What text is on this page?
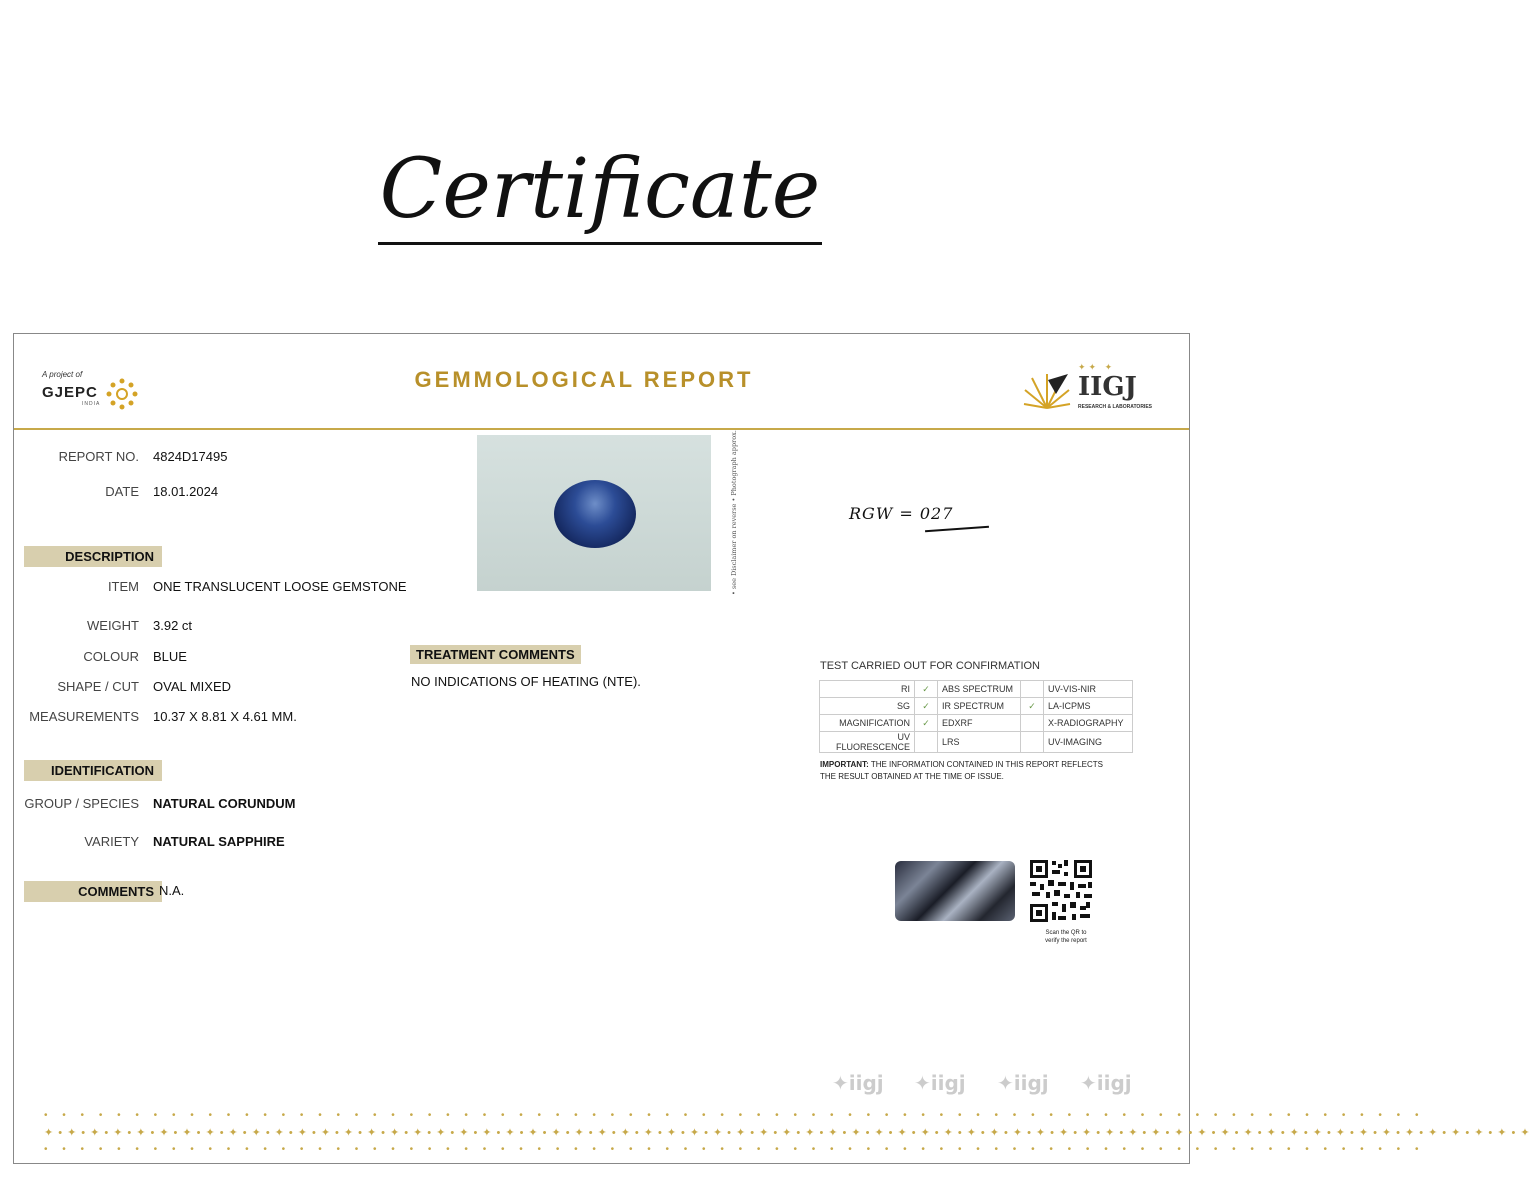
Certificate
A project of
GJEPC
INDIA
GEMMOLOGICAL REPORT	✦✦ ✦
IIGJ
RESEARCH & LABORATORIES
REPORT NO. 4824D17495
DATE 18.01.2024
DESCRIPTION
ITEM ONE TRANSLUCENT LOOSE GEMSTONE
WEIGHT 3.92 ct
COLOUR BLUE
SHAPE / CUT OVAL MIXED
MEASUREMENTS 10.37 X 8.81 X 4.61 MM.
IDENTIFICATION
GROUP / SPECIES NATURAL CORUNDUM
VARIETY NATURAL SAPPHIRE
COMMENTS N.A.
• see Disclaimer on reverse • Photograph approx.
TREATMENT COMMENTS
NO INDICATIONS OF HEATING (NTE).
RGW = 027
TEST CARRIED OUT FOR CONFIRMATION
RI	✓	ABS SPECTRUM		UV-VIS-NIR
SG	✓	IR SPECTRUM	✓	LA-ICPMS
MAGNIFICATION	✓	EDXRF		X-RADIOGRAPHY
UV FLUORESCENCE		LRS		UV-IMAGING
IMPORTANT: THE INFORMATION CONTAINED IN THIS REPORT REFLECTS THE RESULT OBTAINED AT THE TIME OF ISSUE.
Scan the QR to verify the report
✦iigj ✦iigj ✦iigj ✦iigj
• • • • • • • • • • • • • • • • • • • • • • • • • • • • • • • • • • • • • • • • • • • • • • • • • • • • • • • • • • • • • • • • • • • • • • • • • • • •
✦•✦•✦•✦•✦•✦•✦•✦•✦•✦•✦•✦•✦•✦•✦•✦•✦•✦•✦•✦•✦•✦•✦•✦•✦•✦•✦•✦•✦•✦•✦•✦•✦•✦•✦•✦•✦•✦•✦•✦•✦•✦•✦•✦•✦•✦•✦•✦•✦•✦•✦•✦•✦•✦•✦•✦•✦•✦•✦•✦•✦•✦•✦•✦•✦
• • • • • • • • • • • • • • • • • • • • • • • • • • • • • • • • • • • • • • • • • • • • • • • • • • • • • • • • • • • • • • • • • • • • • • • • • • • •
